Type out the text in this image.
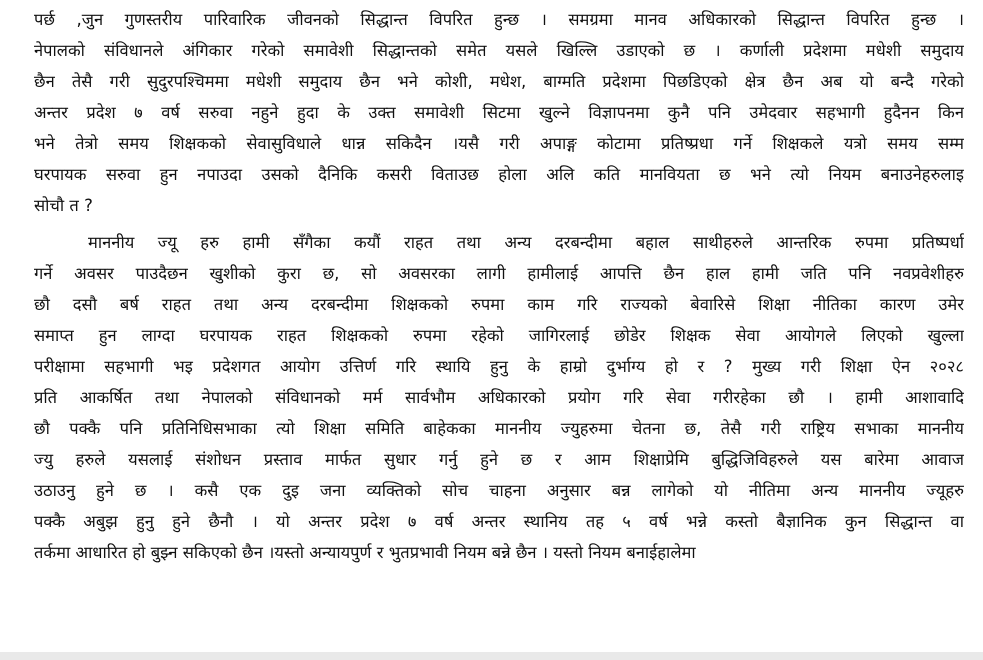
पर्छ ,जुन गुणस्तरीय पारिवारिक जीवनको सिद्धान्त विपरित हुन्छ । समग्रमा मानव अधिकारको सिद्धान्त विपरित हुन्छ ।
नेपालको संविधानले अंगिकार गरेको समावेशी सिद्धान्तको समेत यसले खिल्लि उडाएको छ । कर्णाली प्रदेशमा मधेशी समुदाय
छैन तेसै गरी सुदुरपश्चिममा मधेशी समुदाय छैन भने कोशी, मधेश, बाग्मति प्रदेशमा पिछडिएको क्षेत्र छैन अब यो बन्दै गरेको
अन्तर प्रदेश ७ वर्ष सरुवा नहुने हुदा के उक्त समावेशी सिटमा खुल्ने विज्ञापनमा कुनै पनि उमेदवार सहभागी हुदैनन किन
भने तेत्रो समय शिक्षकको सेवासुविधाले धान्न सकिदैन ।यसै गरी अपाङ्ग कोटामा प्रतिष्प्रधा गर्ने शिक्षकले यत्रो समय सम्म
घरपायक सरुवा हुन नपाउदा उसको दैनिकि कसरी विताउछ होला अलि कति मानवियता छ भने त्यो नियम बनाउनेहरुलाइ
सोचौ त ?
माननीय ज्यू हरु हामी सँगैका कयौं राहत तथा अन्य दरबन्दीमा बहाल साथीहरुले आन्तरिक रुपमा प्रतिष्पर्धा
गर्ने अवसर पाउदैछन खुशीको कुरा छ, सो अवसरका लागी हामीलाई आपत्ति छैन हाल हामी जति पनि नवप्रवेशीहरु
छौ दसौ बर्ष राहत तथा अन्य दरबन्दीमा शिक्षकको रुपमा काम गरि राज्यको बेवारिसे शिक्षा नीतिका कारण उमेर
समाप्त हुन लाग्दा घरपायक राहत शिक्षकको रुपमा रहेको जागिरलाई छोडेर शिक्षक सेवा आयोगले लिएको खुल्ला
परीक्षामा सहभागी भइ प्रदेशगत आयोग उत्तिर्ण गरि स्थायि हुनु के हाम्रो दुर्भाग्य हो र ? मुख्य गरी शिक्षा ऐन २०२८
प्रति आकर्षित तथा नेपालको संविधानको मर्म सार्वभौम अधिकारको प्रयोग गरि सेवा गरीरहेका छौ । हामी आशावादि
छौ पक्कै पनि प्रतिनिधिसभाका त्यो शिक्षा समिति बाहेकका माननीय ज्युहरुमा चेतना छ, तेसै गरी राष्ट्रिय सभाका माननीय
ज्यु हरुले यसलाई संशोधन प्रस्ताव मार्फत सुधार गर्नु हुने छ र आम शिक्षाप्रेमि बुद्धिजिविहरुले यस बारेमा आवाज
उठाउनु हुने छ । कसै एक दुइ जना व्यक्तिको सोच चाहना अनुसार बन्न लागेको यो नीतिमा अन्य माननीय ज्यूहरु
पक्कै अबुझ हुनु हुने छैनौ । यो अन्तर प्रदेश ७ वर्ष अन्तर स्थानिय तह ५ वर्ष भन्ने कस्तो बैज्ञानिक कुन सिद्धान्त वा
तर्कमा आधारित हो बुझ्न सकिएको छैन ।यस्तो अन्यायपुर्ण र भुतप्रभावी नियम बन्ने छैन । यस्तो नियम बनाईहालेमा
